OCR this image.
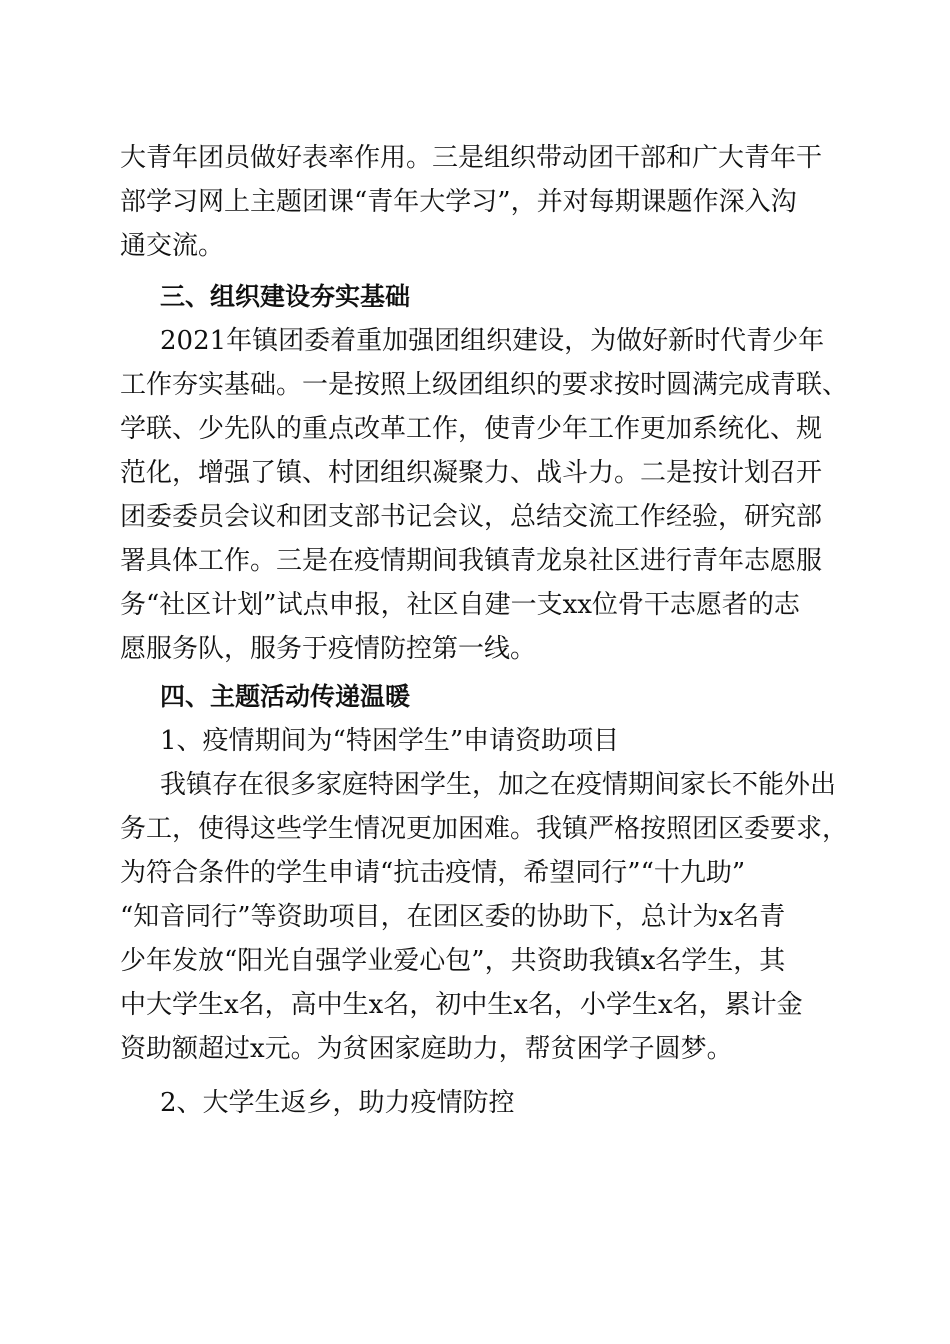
大青年团员做好表率作用。三是组织带动团干部和广大青年干
部学习网上主题团课“青年大学习”，并对每期课题作深入沟
通交流。
三、组织建设夯实基础
2021年镇团委着重加强团组织建设，为做好新时代青少年
工作夯实基础。一是按照上级团组织的要求按时圆满完成青联、
学联、少先队的重点改革工作，使青少年工作更加系统化、规
范化，增强了镇、村团组织凝聚力、战斗力。二是按计划召开
团委委员会议和团支部书记会议，总结交流工作经验，研究部
署具体工作。三是在疫情期间我镇青龙泉社区进行青年志愿服
务“社区计划”试点申报，社区自建一支xx位骨干志愿者的志
愿服务队，服务于疫情防控第一线。
四、主题活动传递温暖
1、疫情期间为“特困学生”申请资助项目
我镇存在很多家庭特困学生，加之在疫情期间家长不能外出
务工，使得这些学生情况更加困难。我镇严格按照团区委要求，
为符合条件的学生申请“抗击疫情，希望同行”“十九助”
“知音同行”等资助项目，在团区委的协助下，总计为x名青
少年发放“阳光自强学业爱心包”，共资助我镇x名学生，其
中大学生x名，高中生x名，初中生x名，小学生x名，累计金
资助额超过x元。为贫困家庭助力，帮贫困学子圆梦。
2、大学生返乡，助力疫情防控
